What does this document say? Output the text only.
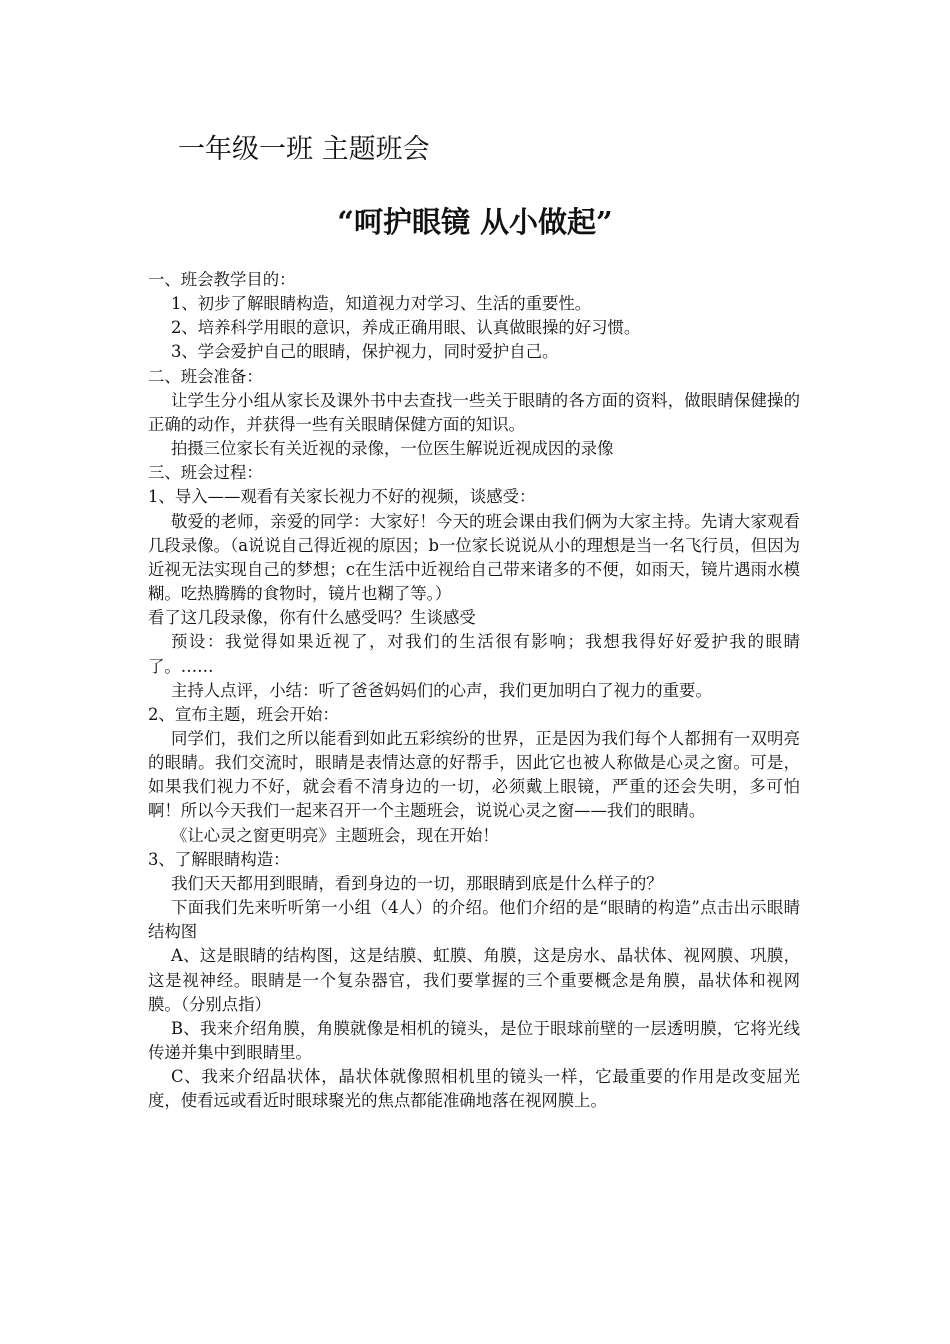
一年级一班 主题班会
“呵护眼镜 从小做起”

一、班会教学目的：

1、初步了解眼睛构造，知道视力对学习、生活的重要性。

2、培养科学用眼的意识，养成正确用眼、认真做眼操的好习惯。

3、学会爱护自己的眼睛，保护视力，同时爱护自己。

二、班会准备：

让学生分小组从家长及课外书中去查找一些关于眼睛的各方面的资料，做眼睛保健操的正确的动作，并获得一些有关眼睛保健方面的知识。

拍摄三位家长有关近视的录像，一位医生解说近视成因的录像

三、班会过程：

1、导入——观看有关家长视力不好的视频，谈感受：

敬爱的老师，亲爱的同学：大家好！今天的班会课由我们俩为大家主持。先请大家观看几段录像。（a说说自己得近视的原因；b一位家长说说从小的理想是当一名飞行员，但因为近视无法实现自己的梦想；c在生活中近视给自己带来诸多的不便，如雨天，镜片遇雨水模糊。吃热腾腾的食物时，镜片也糊了等。）

看了这几段录像，你有什么感受吗？生谈感受

预设：我觉得如果近视了，对我们的生活很有影响；我想我得好好爱护我的眼睛了。……

主持人点评，小结：听了爸爸妈妈们的心声，我们更加明白了视力的重要。

2、宣布主题，班会开始：

同学们，我们之所以能看到如此五彩缤纷的世界，正是因为我们每个人都拥有一双明亮的眼睛。我们交流时，眼睛是表情达意的好帮手，因此它也被人称做是心灵之窗。可是，如果我们视力不好，就会看不清身边的一切，必须戴上眼镜，严重的还会失明，多可怕啊！所以今天我们一起来召开一个主题班会，说说心灵之窗——我们的眼睛。

《让心灵之窗更明亮》主题班会，现在开始！

3、了解眼睛构造：

我们天天都用到眼睛，看到身边的一切，那眼睛到底是什么样子的？

下面我们先来听听第一小组（4人）的介绍。他们介绍的是“眼睛的构造”点击出示眼睛结构图

A、这是眼睛的结构图，这是结膜、虹膜、角膜，这是房水、晶状体、视网膜、巩膜，这是视神经。眼睛是一个复杂器官，我们要掌握的三个重要概念是角膜，晶状体和视网膜。（分别点指）

B、我来介绍角膜，角膜就像是相机的镜头，是位于眼球前壁的一层透明膜，它将光线传递并集中到眼睛里。

C、我来介绍晶状体，晶状体就像照相机里的镜头一样，它最重要的作用是改变屈光度，使看远或看近时眼球聚光的焦点都能准确地落在视网膜上。
